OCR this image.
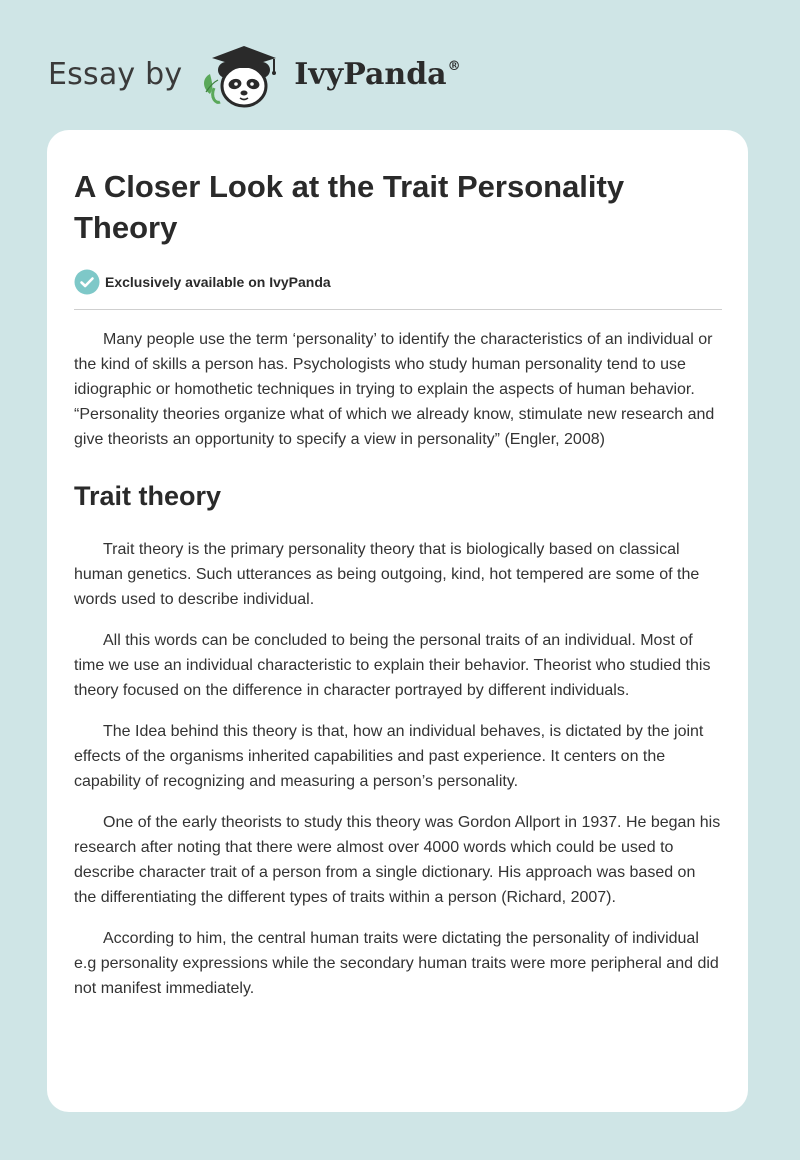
Essay by	IvyPanda®
A Closer Look at the Trait Personality Theory
Exclusively available on IvyPanda

Many people use the term ‘personality’ to identify the characteristics of an individual or the kind of skills a person has. Psychologists who study human personality tend to use idiographic or homothetic techniques in trying to explain the aspects of human behavior. “Personality theories organize what of which we already know, stimulate new research and give theorists an opportunity to specify a view in personality” (Engler, 2008)

Trait theory

Trait theory is the primary personality theory that is biologically based on classical human genetics. Such utterances as being outgoing, kind, hot tempered are some of the words used to describe individual.

All this words can be concluded to being the personal traits of an individual. Most of time we use an individual characteristic to explain their behavior. Theorist who studied this theory focused on the difference in character portrayed by different individuals.

The Idea behind this theory is that, how an individual behaves, is dictated by the joint effects of the organisms inherited capabilities and past experience. It centers on the capability of recognizing and measuring a person’s personality.

One of the early theorists to study this theory was Gordon Allport in 1937. He began his research after noting that there were almost over 4000 words which could be used to describe character trait of a person from a single dictionary. His approach was based on the differentiating the different types of traits within a person (Richard, 2007).

According to him, the central human traits were dictating the personality of individual e.g personality expressions while the secondary human traits were more peripheral and did not manifest immediately.
